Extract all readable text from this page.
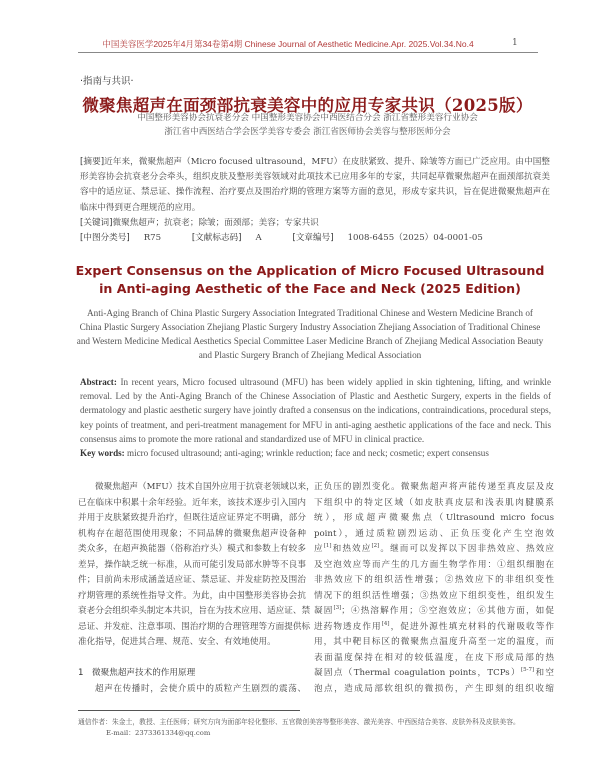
中国美容医学2025年4月第34卷第4期 Chinese Journal of Aesthetic Medicine.Apr. 2025.Vol.34.No.4	1
·指南与共识·
微聚焦超声在面颈部抗衰美容中的应用专家共识（2025版）
中国整形美容协会抗衰老分会 中国整形美容协会中西医结合分会 浙江省整形美容行业协会
浙江省中西医结合学会医学美容专委会 浙江省医师协会美容与整形医师分会
[摘要]近年来，微聚焦超声（Micro focused ultrasound，MFU）在皮肤紧致、提升、除皱等方面已广泛应用。由中国整形美容协会抗衰老分会牵头，组织皮肤及整形美容领域对此项技术已应用多年的专家，共同起草微聚焦超声在面颈部抗衰美容中的适应证、禁忌证、操作流程、治疗要点及围治疗期的管理方案等方面的意见，形成专家共识，旨在促进微聚焦超声在临床中得到更合理规范的应用。
[关键词]微聚焦超声；抗衰老；除皱；面颈部；美容；专家共识
[中图分类号] R75	[文献标志码] A	[文章编号] 1008-6455（2025）04-0001-05
Expert Consensus on the Application of Micro Focused Ultrasound in Anti-aging Aesthetic of the Face and Neck (2025 Edition)
Anti-Aging Branch of China Plastic Surgery Association Integrated Traditional Chinese and Western Medicine Branch of China Plastic Surgery Association Zhejiang Plastic Surgery Industry Association Zhejiang Association of Traditional Chinese and Western Medicine Medical Aesthetics Special Committee Laser Medicine Branch of Zhejiang Medical Association Beauty and Plastic Surgery Branch of Zhejiang Medical Association
Abstract: In recent years, Micro focused ultrasound (MFU) has been widely applied in skin tightening, lifting, and wrinkle removal. Led by the Anti-Aging Branch of the Chinese Association of Plastic and Aesthetic Surgery, experts in the fields of dermatology and plastic aesthetic surgery have jointly drafted a consensus on the indications, contraindications, procedural steps, key points of treatment, and peri-treatment management for MFU in anti-aging aesthetic applications of the face and neck. This consensus aims to promote the more rational and standardized use of MFU in clinical practice.
Key words: micro focused ultrasound; anti-aging; wrinkle reduction; face and neck; cosmetic; expert consensus
微聚焦超声（MFU）技术自国外应用于抗衰老领域以来，
已在临床中积累十余年经验。近年来，该技术逐步引入国内
并用于皮肤紧致提升治疗，但既往适应证界定不明确，部分
机构存在超范围使用现象；不同品牌的微聚焦超声设备种
类众多，在超声换能器（俗称治疗头）模式和参数上有较多
差异，操作缺乏统一标准，从而可能引发局部水肿等不良事
件；目前尚未形成涵盖适应证、禁忌证、并发症防控及围治
疗期管理的系统性指导文件。为此，由中国整形美容协会抗
衰老分会组织牵头制定本共识，旨在为技术应用、适应证、禁
忌证、并发症、注意事项、围治疗期的合理管理等方面提供标
准化指导，促进其合理、规范、安全、有效地使用。

1　微聚焦超声技术的作用原理
超声在传播时，会使介质中的质粒产生剧烈的震荡、
正负压的剧烈变化。微聚焦超声将声能传递至真皮层及皮
下组织中的特定区域（如皮肤真皮层和浅表肌肉腱膜系
统），形成超声微聚焦点（Ultrasound micro focus
point），通过质粒剧烈运动、正负压变化产生空泡效
应[1]和热效应[2]。继而可以发挥以下因非热效应、热效应
及空泡效应等而产生的几方面生物学作用：①组织细胞在
非热效应下的组织活性增强；②热效应下的非组织变性
情况下的组织活性增强；③热效应下组织变性，组织发生
凝固[3]；④热溶解作用；⑤空泡效应；⑥其他方面，如促
进药物透皮作用[4]，促进外源性填充材料的代谢吸收等作
用，其中靶目标区的微聚焦点温度升高至一定的温度，而
表面温度保持在相对的较低温度，在皮下形成局部的热
凝固点（Thermal coagulation points，TCPs）[5-7]和空
泡点，造成局部软组织的微损伤，产生即刻的组织收缩
通信作者：朱金土，教授、主任医师；研究方向为面部年轻化整形、五官微创美容等整形美容、激光美容、中西医结合美容、皮肤外科及皮肤美容。
E-mail：2373361334@qq.com
